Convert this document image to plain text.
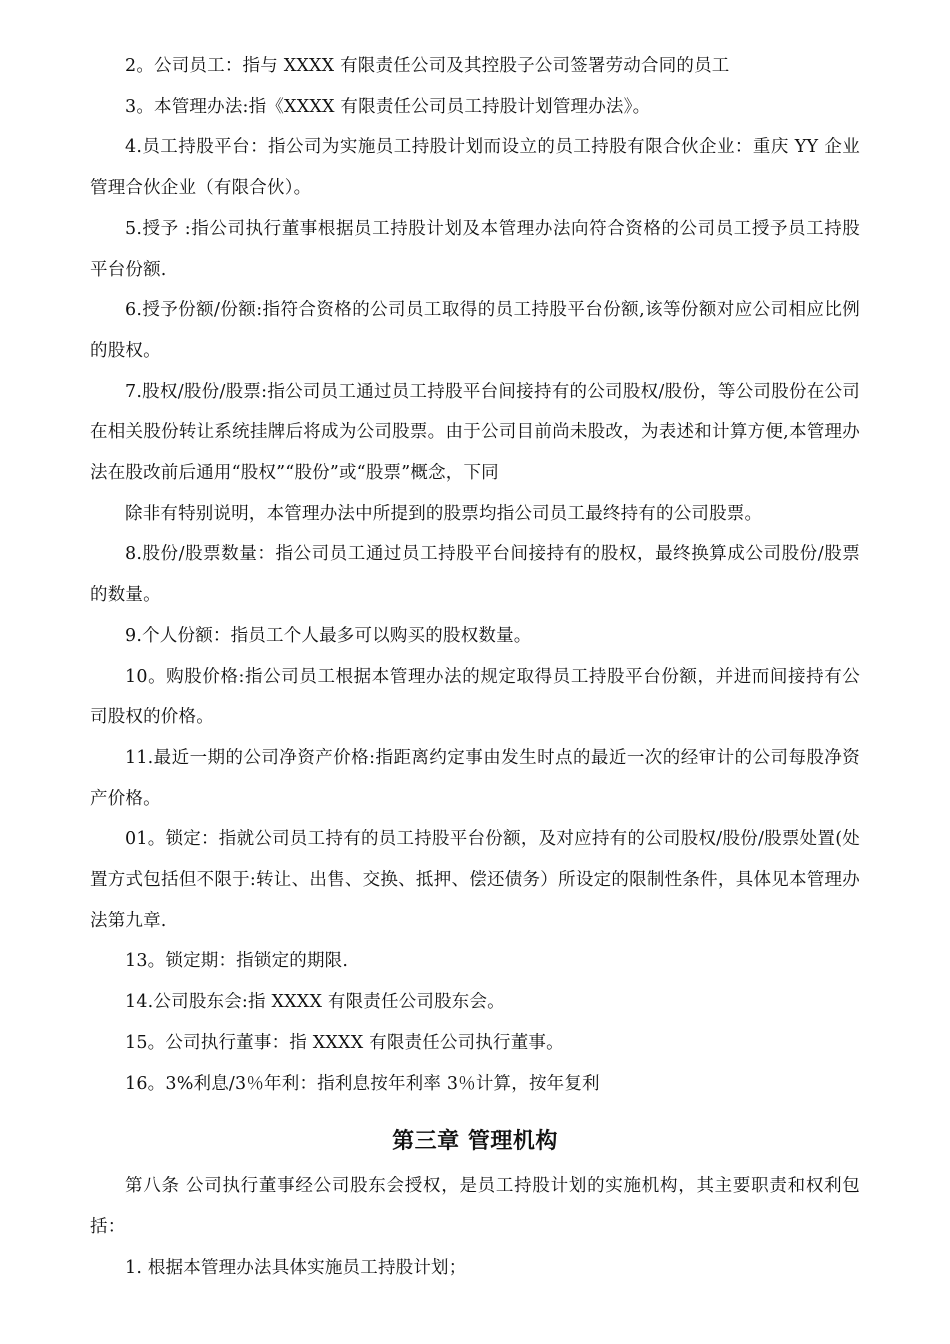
2。公司员工：指与 XXXX 有限责任公司及其控股子公司签署劳动合同的员工

3。本管理办法:指《XXXX 有限责任公司员工持股计划管理办法》。

4.员工持股平台：指公司为实施员工持股计划而设立的员工持股有限合伙企业：重庆 YY 企业管理合伙企业（有限合伙）。

5.授予 :指公司执行董事根据员工持股计划及本管理办法向符合资格的公司员工授予员工持股平台份额.

6.授予份额/份额:指符合资格的公司员工取得的员工持股平台份额,该等份额对应公司相应比例的股权。

7.股权/股份/股票:指公司员工通过员工持股平台间接持有的公司股权/股份，等公司股份在公司在相关股份转让系统挂牌后将成为公司股票。由于公司目前尚未股改，为表述和计算方便,本管理办法在股改前后通用“股权”“股份”或“股票”概念，下同

除非有特别说明，本管理办法中所提到的股票均指公司员工最终持有的公司股票。

8.股份/股票数量：指公司员工通过员工持股平台间接持有的股权，最终换算成公司股份/股票的数量。

9.个人份额：指员工个人最多可以购买的股权数量。

10。购股价格:指公司员工根据本管理办法的规定取得员工持股平台份额，并进而间接持有公司股权的价格。

11.最近一期的公司净资产价格:指距离约定事由发生时点的最近一次的经审计的公司每股净资产价格。

01。锁定：指就公司员工持有的员工持股平台份额，及对应持有的公司股权/股份/股票处置(处置方式包括但不限于:转让、出售、交换、抵押、偿还债务）所设定的限制性条件，具体见本管理办法第九章.

13。锁定期：指锁定的期限.

14.公司股东会:指 XXXX 有限责任公司股东会。

15。公司执行董事：指 XXXX 有限责任公司执行董事。

16。3%利息/3％年利：指利息按年利率 3％计算，按年复利

第三章 管理机构

第八条 公司执行董事经公司股东会授权，是员工持股计划的实施机构，其主要职责和权利包括：

1. 根据本管理办法具体实施员工持股计划；
